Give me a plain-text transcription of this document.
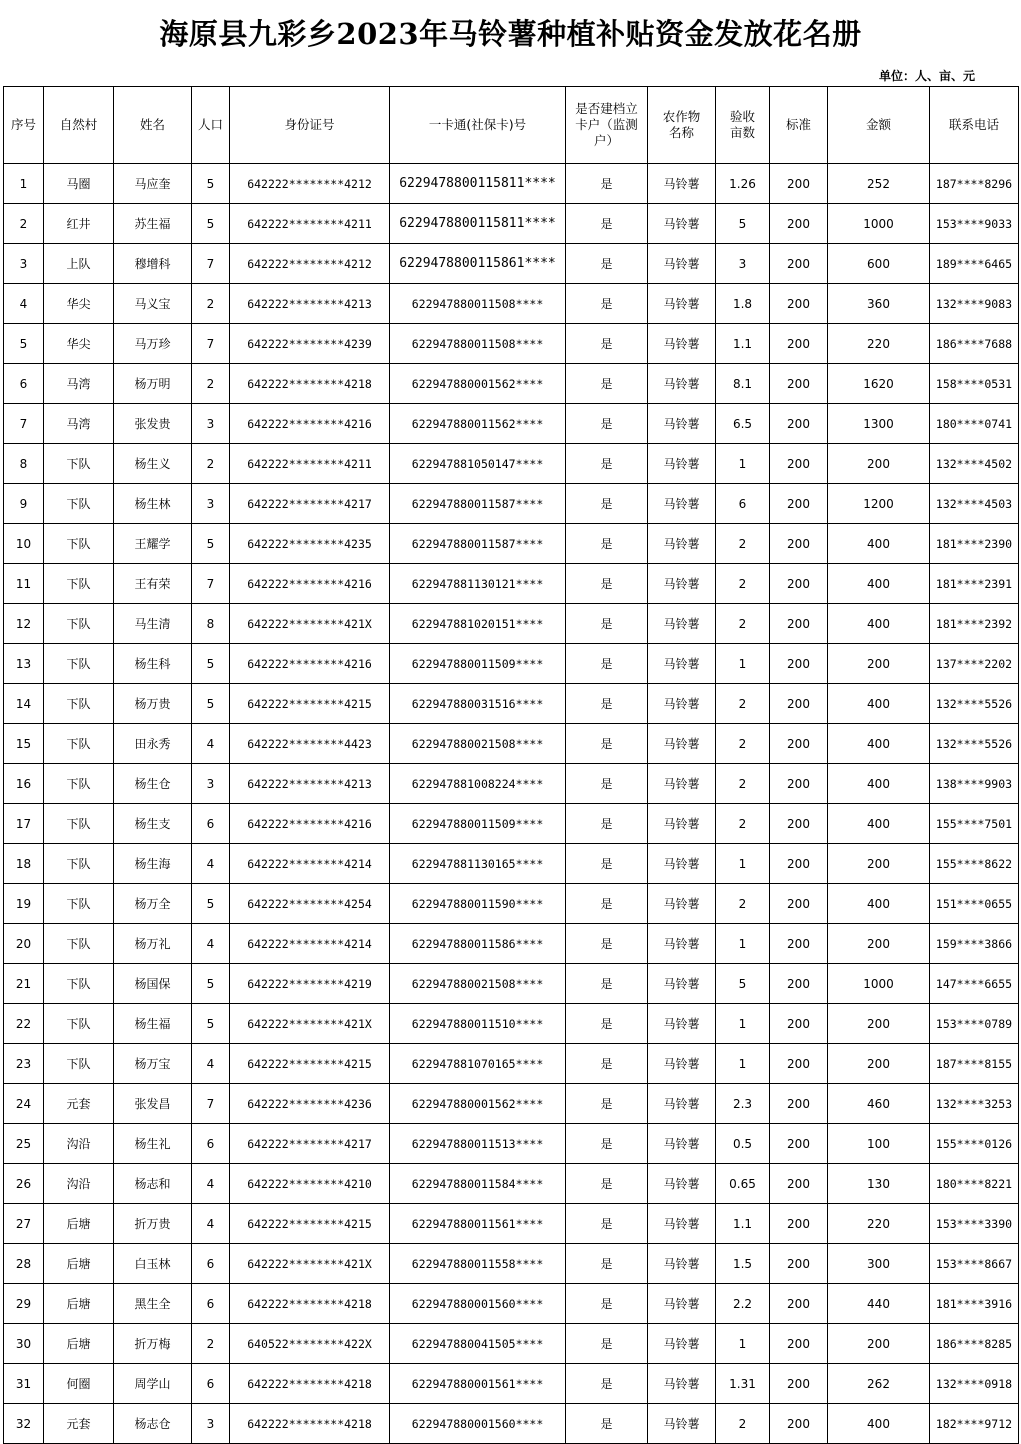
海原县九彩乡2023年马铃薯种植补贴资金发放花名册
单位：人、亩、元
序号	自然村	姓名	人口	身份证号	一卡通(社保卡)号	是否建档立卡户（监测户）	农作物名称	验收亩数	标准	金额	联系电话
1	马圈	马应奎	5	642222********4212	6229478800115811****	是	马铃薯	1.26	200	252	187****8296
2	红井	苏生福	5	642222********4211	6229478800115811****	是	马铃薯	5	200	1000	153****9033
3	上队	穆增科	7	642222********4212	6229478800115861****	是	马铃薯	3	200	600	189****6465
4	华尖	马义宝	2	642222********4213	622947880011508****	是	马铃薯	1.8	200	360	132****9083
5	华尖	马万珍	7	642222********4239	622947880011508****	是	马铃薯	1.1	200	220	186****7688
6	马湾	杨万明	2	642222********4218	622947880001562****	是	马铃薯	8.1	200	1620	158****0531
7	马湾	张发贵	3	642222********4216	622947880011562****	是	马铃薯	6.5	200	1300	180****0741
8	下队	杨生义	2	642222********4211	622947881050147****	是	马铃薯	1	200	200	132****4502
9	下队	杨生林	3	642222********4217	622947880011587****	是	马铃薯	6	200	1200	132****4503
10	下队	王耀学	5	642222********4235	622947880011587****	是	马铃薯	2	200	400	181****2390
11	下队	王有荣	7	642222********4216	622947881130121****	是	马铃薯	2	200	400	181****2391
12	下队	马生清	8	642222********421X	622947881020151****	是	马铃薯	2	200	400	181****2392
13	下队	杨生科	5	642222********4216	622947880011509****	是	马铃薯	1	200	200	137****2202
14	下队	杨万贵	5	642222********4215	622947880031516****	是	马铃薯	2	200	400	132****5526
15	下队	田永秀	4	642222********4423	622947880021508****	是	马铃薯	2	200	400	132****5526
16	下队	杨生仓	3	642222********4213	622947881008224****	是	马铃薯	2	200	400	138****9903
17	下队	杨生支	6	642222********4216	622947880011509****	是	马铃薯	2	200	400	155****7501
18	下队	杨生海	4	642222********4214	622947881130165****	是	马铃薯	1	200	200	155****8622
19	下队	杨万全	5	642222********4254	622947880011590****	是	马铃薯	2	200	400	151****0655
20	下队	杨万礼	4	642222********4214	622947880011586****	是	马铃薯	1	200	200	159****3866
21	下队	杨国保	5	642222********4219	622947880021508****	是	马铃薯	5	200	1000	147****6655
22	下队	杨生福	5	642222********421X	622947880011510****	是	马铃薯	1	200	200	153****0789
23	下队	杨万宝	4	642222********4215	622947881070165****	是	马铃薯	1	200	200	187****8155
24	元套	张发昌	7	642222********4236	622947880001562****	是	马铃薯	2.3	200	460	132****3253
25	沟沿	杨生礼	6	642222********4217	622947880011513****	是	马铃薯	0.5	200	100	155****0126
26	沟沿	杨志和	4	642222********4210	622947880011584****	是	马铃薯	0.65	200	130	180****8221
27	后塘	折万贵	4	642222********4215	622947880011561****	是	马铃薯	1.1	200	220	153****3390
28	后塘	白玉林	6	642222********421X	622947880011558****	是	马铃薯	1.5	200	300	153****8667
29	后塘	黑生全	6	642222********4218	622947880001560****	是	马铃薯	2.2	200	440	181****3916
30	后塘	折万梅	2	640522********422X	622947880041505****	是	马铃薯	1	200	200	186****8285
31	何圈	周学山	6	642222********4218	622947880001561****	是	马铃薯	1.31	200	262	132****0918
32	元套	杨志仓	3	642222********4218	622947880001560****	是	马铃薯	2	200	400	182****9712
